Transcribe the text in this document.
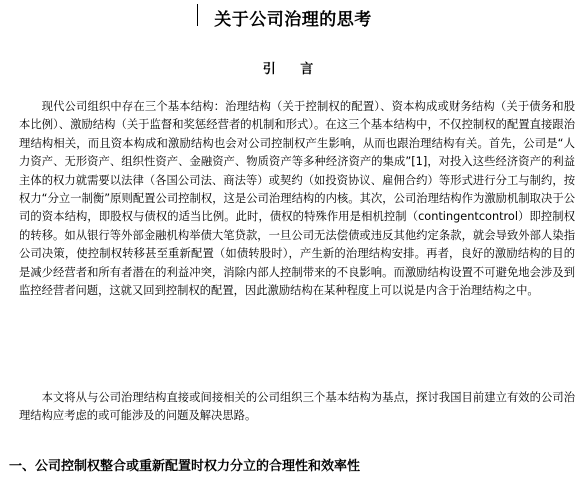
关于公司治理的思考
引 言

现代公司组织中存在三个基本结构：治理结构（关于控制权的配置）、资本构成或财务结构（关于债务和股本比例）、激励结构（关于监督和奖惩经营者的机制和形式）。在这三个基本结构中，不仅控制权的配置直接跟治理结构相关，而且资本构成和激励结构也会对公司控制权产生影响，从而也跟治理结构有关。首先，公司是“人力资产、无形资产、组织性资产、金融资产、物质资产等多种经济资产的集成”[1]，对投入这些经济资产的利益主体的权力就需要以法律（各国公司法、商法等）或契约（如投资协议、雇佣合约）等形式进行分工与制约，按权力“分立一制衡”原则配置公司控制权，这是公司治理结构的内核。其次，公司治理结构作为激励机制取决于公司的资本结构，即股权与债权的适当比例。此时，债权的特殊作用是相机控制（contingentcontrol）即控制权的转移。如从银行等外部金融机构举债大笔贷款，一旦公司无法偿债或违反其他约定条款，就会导致外部人染指公司决策，使控制权转移甚至重新配置（如债转股时），产生新的治理结构安排。再者，良好的激励结构的目的是减少经营者和所有者潜在的利益冲突，消除内部人控制带来的不良影响。而激励结构设置不可避免地会涉及到监控经营者问题，这就又回到控制权的配置，因此激励结构在某种程度上可以说是内含于治理结构之中。

本文将从与公司治理结构直接或间接相关的公司组织三个基本结构为基点，探讨我国目前建立有效的公司治理结构应考虑的或可能涉及的问题及解决思路。

一、公司控制权整合或重新配置时权力分立的合理性和效率性
